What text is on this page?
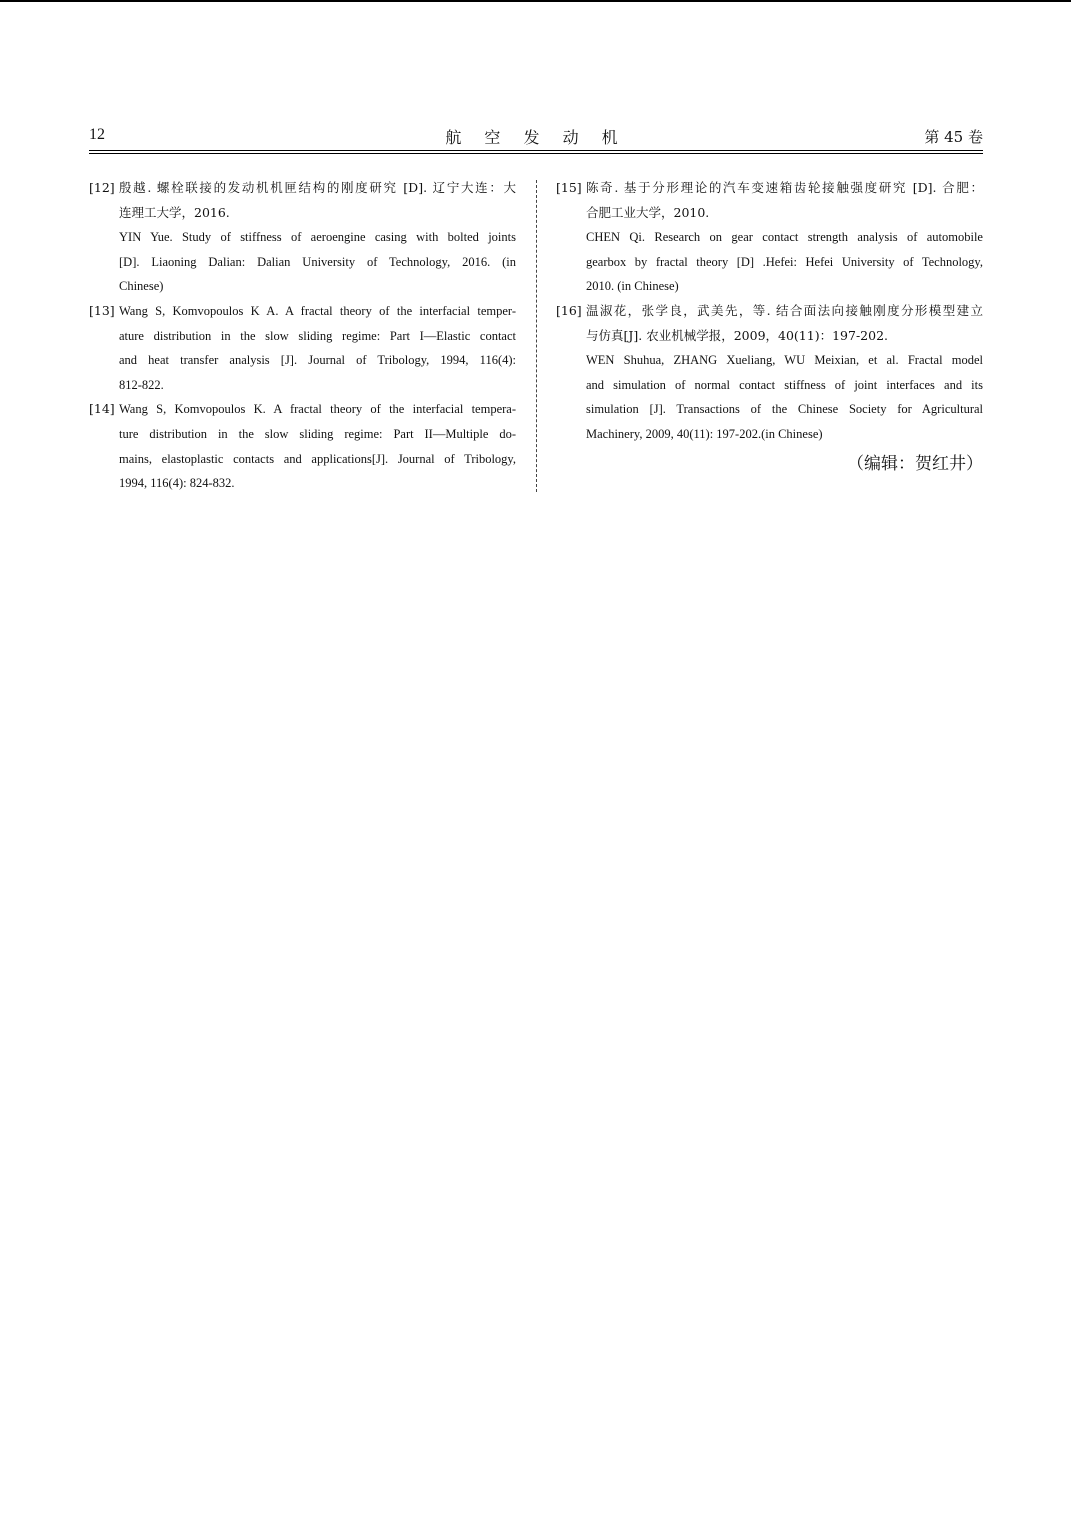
12	航 空 发 动 机	第 45 卷
[12] 殷越. 螺栓联接的发动机机匣结构的刚度研究 [D]. 辽宁大连：大
连理工大学，2016.
YIN Yue. Study of stiffness of aeroengine casing with bolted joints
[D]. Liaoning Dalian: Dalian University of Technology, 2016. (in
Chinese)
[13] Wang S, Komvopoulos K A. A fractal theory of the interfacial temper-
ature distribution in the slow sliding regime: Part I—Elastic contact
and heat transfer analysis [J]. Journal of Tribology, 1994, 116(4):
812-822.
[14] Wang S, Komvopoulos K. A fractal theory of the interfacial tempera-
ture distribution in the slow sliding regime: Part II—Multiple do-
mains, elastoplastic contacts and applications[J]. Journal of Tribology,
1994, 116(4): 824-832.
[15] 陈奇. 基于分形理论的汽车变速箱齿轮接触强度研究 [D]. 合肥：
合肥工业大学，2010.
CHEN Qi. Research on gear contact strength analysis of automobile
gearbox by fractal theory [D] .Hefei: Hefei University of Technology,
2010. (in Chinese)
[16] 温淑花，张学良，武美先，等. 结合面法向接触刚度分形模型建立
与仿真[J]. 农业机械学报，2009，40(11)：197-202.
WEN Shuhua, ZHANG Xueliang, WU Meixian, et al. Fractal model
and simulation of normal contact stiffness of joint interfaces and its
simulation [J]. Transactions of the Chinese Society for Agricultural
Machinery, 2009, 40(11): 197-202.(in Chinese)
（编辑：贺红井）
